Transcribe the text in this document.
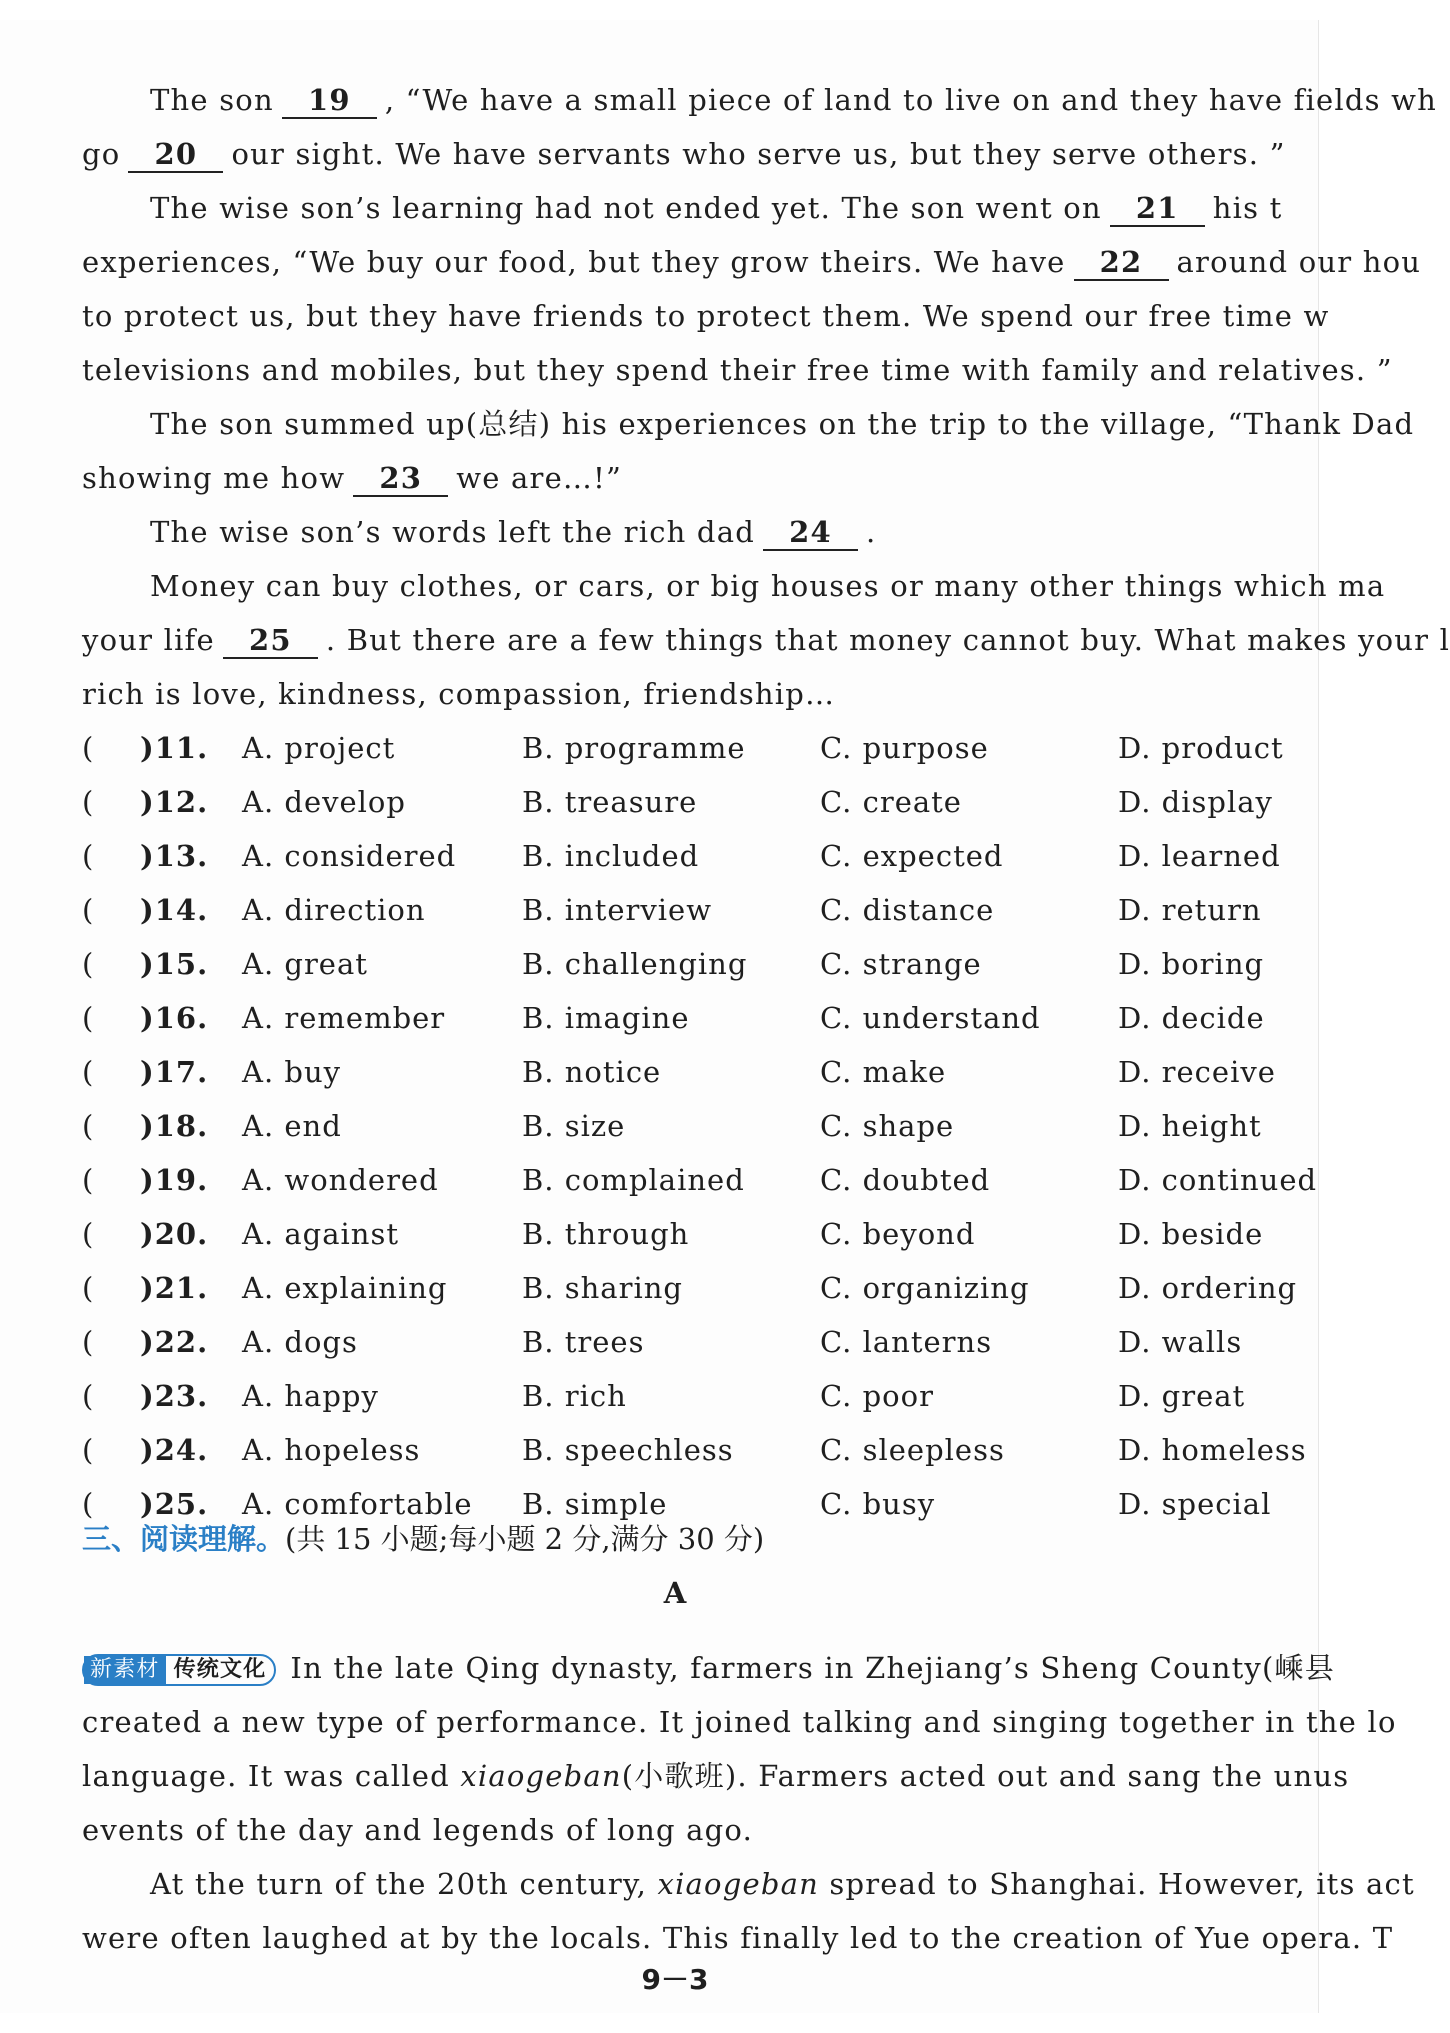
The son 19 , “We have a small piece of land to live on and they have fields wh
go 20 our sight. We have servants who serve us, but they serve others. ”
The wise son’s learning had not ended yet. The son went on 21 his t
experiences, “We buy our food, but they grow theirs. We have 22 around our hou
to protect us, but they have friends to protect them. We spend our free time w
televisions and mobiles, but they spend their free time with family and relatives. ”
The son summed up(总结) his experiences on the trip to the village, “Thank Dad
showing me how 23 we are…!”
The wise son’s words left the rich dad 24 .
Money can buy clothes, or cars, or big houses or many other things which ma
your life 25 . But there are a few things that money cannot buy. What makes your l
rich is love, kindness, compassion, friendship…
( )11. A. project	B. programme	C. purpose	D. product
( )12. A. develop	B. treasure	C. create	D. display
( )13. A. considered B. included	C. expected	D. learned
( )14. A. direction	B. interview	C. distance	D. return
( )15. A. great	B. challenging	C. strange	D. boring
( )16. A. remember	B. imagine	C. understand	D. decide
( )17. A. buy	B. notice	C. make	D. receive
( )18. A. end	B. size	C. shape	D. height
( )19. A. wondered	B. complained	C. doubted	D. continued
( )20. A. against	B. through	C. beyond	D. beside
( )21. A. explaining	B. sharing	C. organizing	D. ordering
( )22. A. dogs	B. trees	C. lanterns	D. walls
( )23. A. happy	B. rich	C. poor	D. great
( )24. A. hopeless	B. speechless	C. sleepless	D. homeless
( )25. A. comfortable B. simple	C. busy	D. special
三、阅读理解。(共 15 小题;每小题 2 分,满分 30 分)
A
新素材 传统文化 In the late Qing dynasty, farmers in Zhejiang’s Sheng County(嵊县
created a new type of performance. It joined talking and singing together in the lo
language. It was called xiaogeban(小歌班). Farmers acted out and sang the unus
events of the day and legends of long ago.
At the turn of the 20th century, xiaogeban spread to Shanghai. However, its act
were often laughed at by the locals. This finally led to the creation of Yue opera. T
9－3
